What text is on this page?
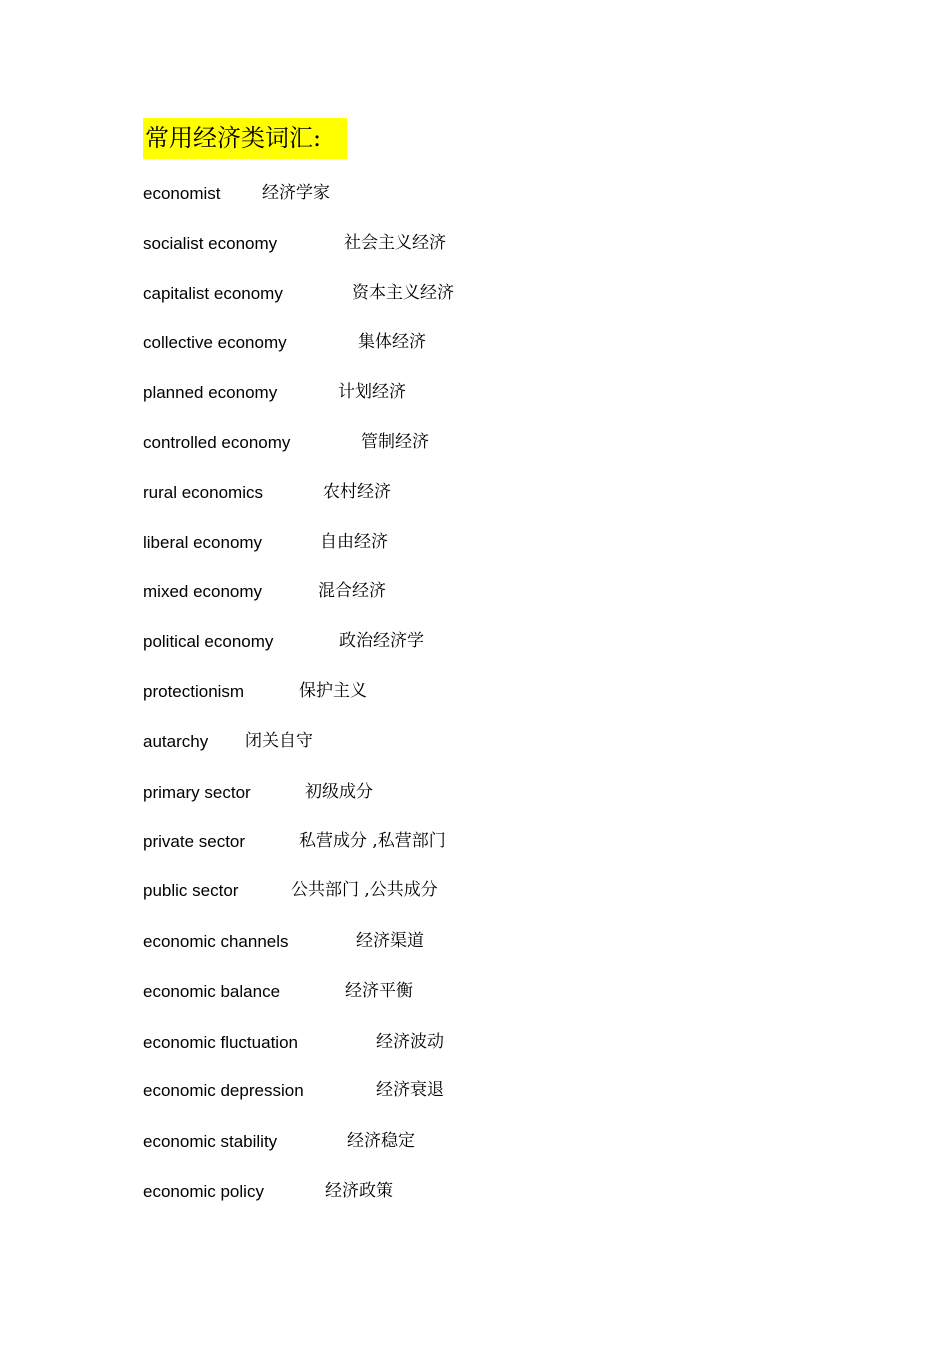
常用经济类词汇:
economist 经济学家
socialist economy	社会主义经济
capitalist economy	资本主义经济
collective economy	集体经济
planned economy	计划经济
controlled economy	管制经济
rural economics	农村经济
liberal economy	自由经济
mixed economy	混合经济
political economy	政治经济学
protectionism	保护主义
autarchy 闭关自守
primary sector	初级成分
private sector	私营成分 ,私营部门
public sector	公共部门 ,公共成分
economic channels	经济渠道
economic balance	经济平衡
economic fluctuation	经济波动
economic depression	经济衰退
economic stability	经济稳定
economic policy	经济政策
